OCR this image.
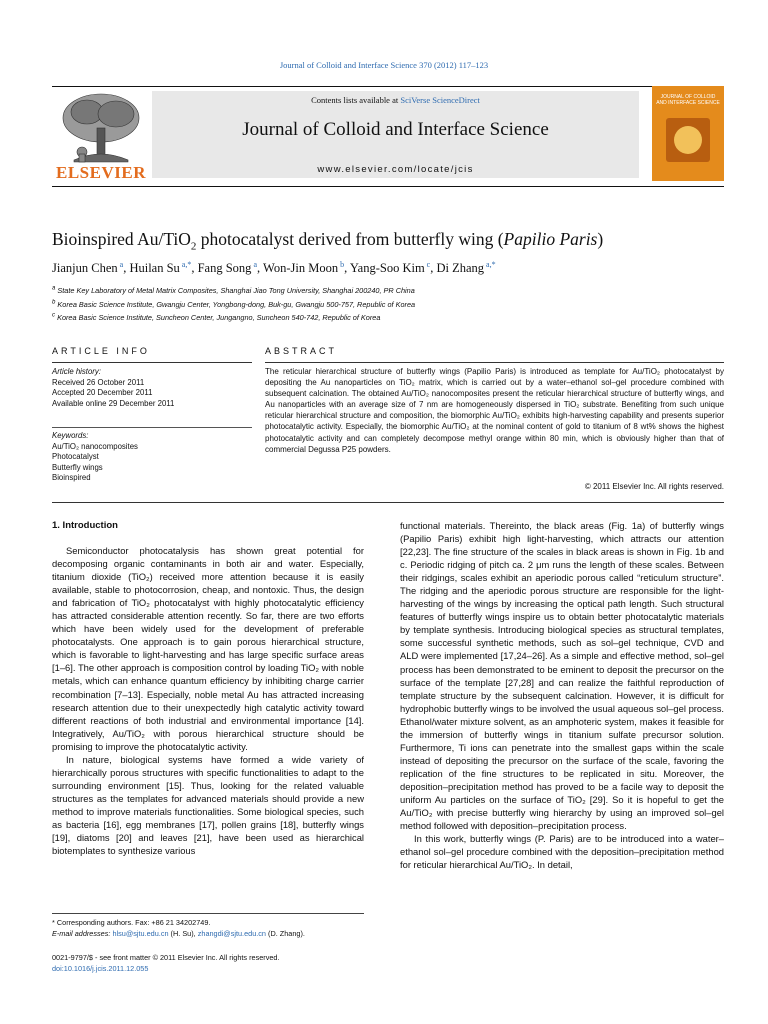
Journal of Colloid and Interface Science 370 (2012) 117–123
Contents lists available at SciVerse ScienceDirect
Journal of Colloid and Interface Science
www.elsevier.com/locate/jcis
ELSEVIER
JOURNAL OF COLLOID AND INTERFACE SCIENCE
Bioinspired Au/TiO$_2$ photocatalyst derived from butterfly wing (Papilio Paris)
Jianjun Chen $^a$, Huilan Su $^{a,*}$, Fang Song $^a$, Won-Jin Moon $^b$, Yang-Soo Kim $^c$, Di Zhang $^{a,*}$
$^a$ State Key Laboratory of Metal Matrix Composites, Shanghai Jiao Tong University, Shanghai 200240, PR China
$^b$ Korea Basic Science Institute, Gwangju Center, Yongbong-dong, Buk-gu, Gwangju 500-757, Republic of Korea
$^c$ Korea Basic Science Institute, Suncheon Center, Jungangno, Suncheon 540-742, Republic of Korea
ARTICLE INFO
Article history:
Received 26 October 2011
Accepted 20 December 2011
Available online 29 December 2011
Keywords:
Au/TiO₂ nanocomposites
Photocatalyst
Butterfly wings
Bioinspired
ABSTRACT
The reticular hierarchical structure of butterfly wings (Papilio Paris) is introduced as template for Au/TiO₂ photocatalyst by depositing the Au nanoparticles on TiO₂ matrix, which is carried out by a water–ethanol sol–gel procedure combined with subsequent calcination. The obtained Au/TiO₂ nanocomposites present the reticular hierarchical structure of butterfly wings, and Au nanoparticles with an average size of 7 nm are homogeneously dispersed in TiO₂ substrate. Benefiting from such unique reticular hierarchical structure and composition, the biomorphic Au/TiO₂ exhibits high-harvesting capability and presents superior photocatalytic activity. Especially, the biomorphic Au/TiO₂ at the nominal content of gold to titanium of 8 wt% shows the highest photocatalytic activity and can completely decompose methyl orange within 80 min, which is obviously higher than that of commercial Degussa P25 powders.
© 2011 Elsevier Inc. All rights reserved.
1. Introduction

Semiconductor photocatalysis has shown great potential for decomposing organic contaminants in both air and water. Especially, titanium dioxide (TiO₂) received more attention because it is easily available, stable to photocorrosion, cheap, and nontoxic. Thus, the design and fabrication of TiO₂ photocatalyst with highly photocatalytic efficiency has attracted considerable attention recently. So far, there are two efforts which have been widely used for the development of preferable photocatalysts. One approach is to gain porous hierarchical structure, which is favorable to light-harvesting and has large specific surface areas [1–6]. The other approach is composition control by loading TiO₂ with noble metals, which can enhance quantum efficiency by inhibiting charge carrier recombination [7–13]. Especially, noble metal Au has attracted increasing research attention due to their unexpectedly high catalytic activity toward different reactions of both industrial and environmental importance [14]. Integratively, Au/TiO₂ with porous hierarchical structure should be promising to improve the photocatalytic activity.

In nature, biological systems have formed a wide variety of hierarchically porous structures with specific functionalities to adapt to the surrounding environment [15]. Thus, looking for the related valuable structures as the templates for advanced materials should provide a new method to improve materials functionalities. Some biological species, such as bacteria [16], egg membranes [17], pollen grains [18], butterfly wings [19], diatoms [20] and leaves [21], have been used as hierarchical biotemplates to synthesize various

functional materials. Thereinto, the black areas (Fig. 1a) of butterfly wings (Papilio Paris) exhibit high light-harvesting, which attracts our attention [22,23]. The fine structure of the scales in black areas is shown in Fig. 1b and c. Periodic ridging of pitch ca. 2 μm runs the length of these scales. Between their ridgings, scales exhibit an aperiodic porous called “reticulum structure”. The ridging and the aperiodic porous structure are responsible for the light-harvesting of the wings by increasing the optical path length. Such structural features of butterfly wings inspire us to obtain better photocatalytic materials by template synthesis. Introducing biological species as structural templates, some successful synthetic methods, such as sol–gel technique, CVD and ALD were implemented [17,24–26]. As a simple and effective method, sol–gel process has been demonstrated to be eminent to deposit the precursor on the surface of the template [27,28] and can realize the faithful reproduction of template structure by the subsequent calcination. However, it is difficult for hydrophobic butterfly wings to be involved the usual aqueous sol–gel process. Ethanol/water mixture solvent, as an amphoteric system, makes it feasible for the immersion of butterfly wings in titanium sulfate precursor solution. Furthermore, Ti ions can penetrate into the smallest gaps within the scale instead of depositing the precursor on the surface of the scale, favoring the replication of the fine structures to be replicated in situ. Moreover, the deposition–precipitation method has proved to be a facile way to deposit the uniform Au particles on the surface of TiO₂ [29]. So it is hopeful to get the Au/TiO₂ with precise butterfly wing hierarchy by using an improved sol–gel method followed with deposition–precipitation process.

In this work, butterfly wings (P. Paris) are to be introduced into a water–ethanol sol–gel procedure combined with the deposition–precipitation method for reticular hierarchical Au/TiO₂. In detail,

* Corresponding authors. Fax: +86 21 34202749.
E-mail addresses: hlsu@sjtu.edu.cn (H. Su), zhangdi@sjtu.edu.cn (D. Zhang).
0021-9797/$ - see front matter © 2011 Elsevier Inc. All rights reserved.
doi:10.1016/j.jcis.2011.12.055
